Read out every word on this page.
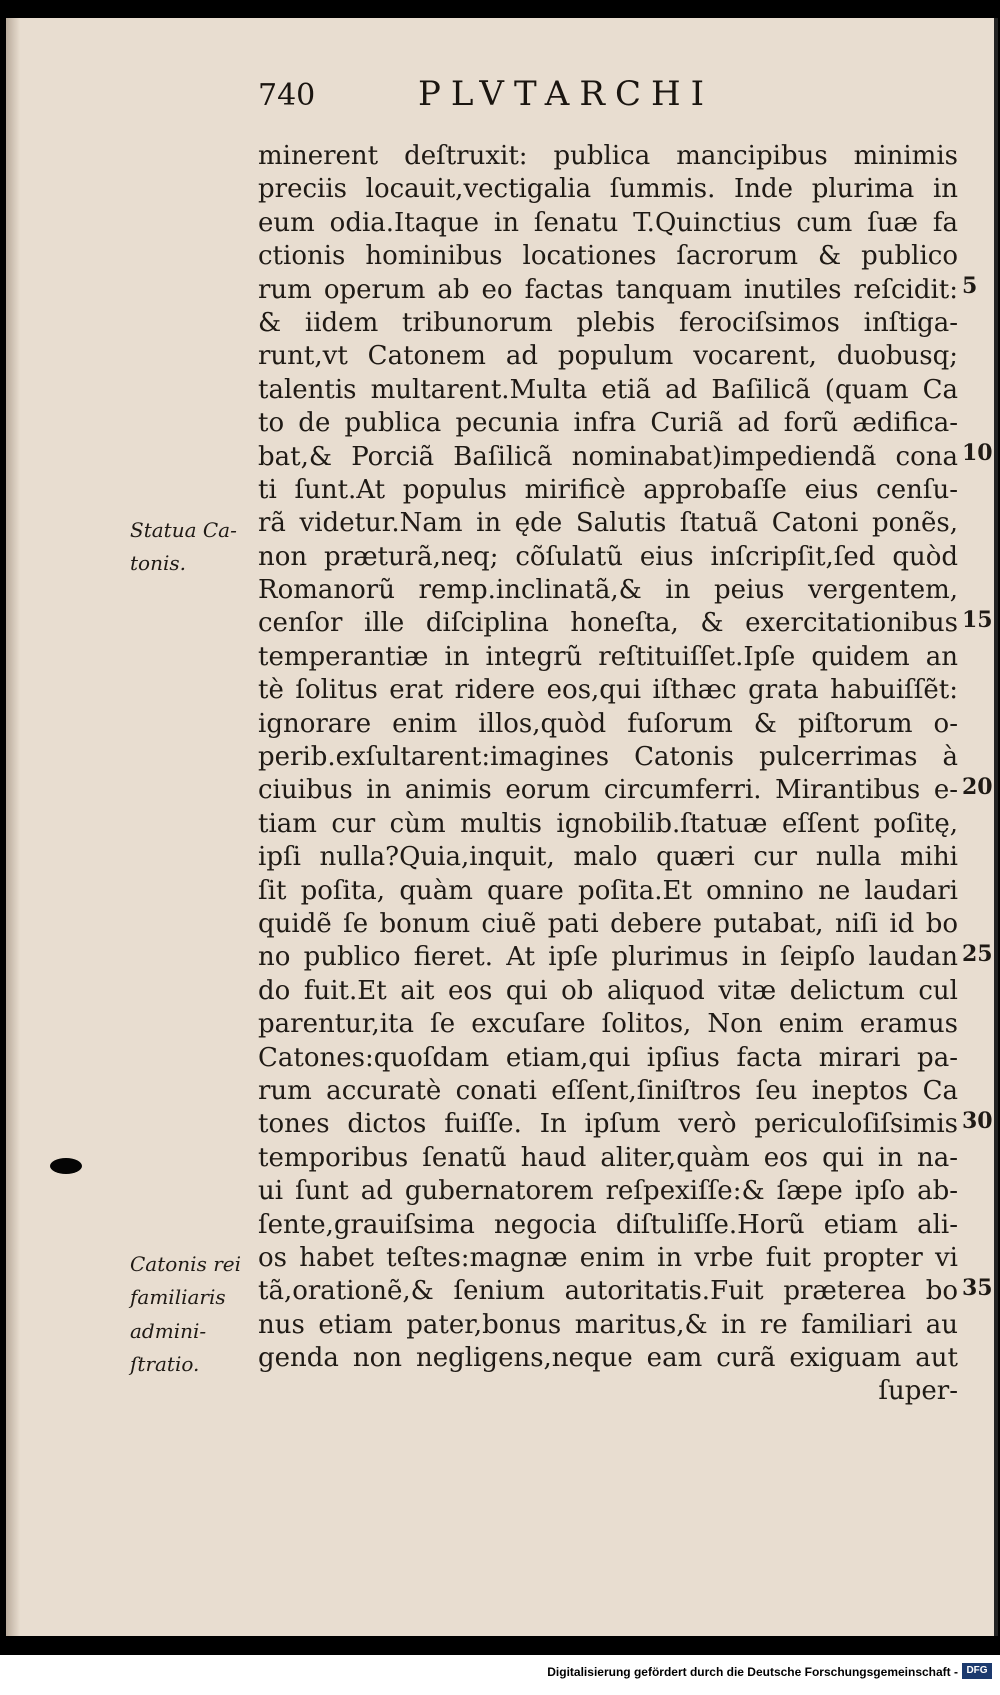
740	PLVTARCHI
minerent deſtruxit: publica mancipibus minimis
preciis locauit,vectigalia ſummis. Inde plurima in
eum odia.Itaque in ſenatu T.Quinctius cum ſuæ fa
ctionis hominibus locationes ſacrorum & publico
rum operum ab eo factas tanquam inutiles reſcidit:
& iidem tribunorum plebis ferociſsimos inſtiga-
runt,vt Catonem ad populum vocarent, duobusq;
talentis multarent.Multa etiã ad Baſilicã (quam Ca
to de publica pecunia infra Curiã ad forũ ædifica-
bat,& Porciã Baſilicã nominabat)impediendã cona
ti ſunt.At populus mirificè approbaſſe eius cenſu-
rã videtur.Nam in ęde Salutis ſtatuã Catoni ponẽs,
non præturã,neq; cõſulatũ eius inſcripſit,ſed quòd
Romanorũ remp.inclinatã,& in peius vergentem,
cenſor ille diſciplina honeſta, & exercitationibus
temperantiæ in integrũ reſtituiſſet.Ipſe quidem an
tè ſolitus erat ridere eos,qui iſthæc grata habuiſſẽt:
ignorare enim illos,quòd fuſorum & piſtorum o-
perib.exſultarent:imagines Catonis pulcerrimas à
ciuibus in animis eorum circumferri. Mirantibus e-
tiam cur cùm multis ignobilib.ſtatuæ eſſent poſitę,
ipſi nulla?Quia,inquit, malo quæri cur nulla mihi
ſit poſita, quàm quare poſita.Et omnino ne laudari
quidẽ ſe bonum ciuẽ pati debere putabat, niſi id bo
no publico fieret. At ipſe plurimus in ſeipſo laudan
do fuit.Et ait eos qui ob aliquod vitæ delictum cul
parentur,ita ſe excuſare ſolitos, Non enim eramus
Catones:quoſdam etiam,qui ipſius facta mirari pa-
rum accuratè conati eſſent,ſiniſtros ſeu ineptos Ca
tones dictos fuiſſe. In ipſum verò periculoſiſsimis
temporibus ſenatũ haud aliter,quàm eos qui in na-
ui ſunt ad gubernatorem reſpexiſſe:& ſæpe ipſo ab-
ſente,grauiſsima negocia diſtuliſſe.Horũ etiam ali-
os habet teſtes:magnæ enim in vrbe fuit propter vi
tã,orationẽ,& ſenium autoritatis.Fuit præterea bo
nus etiam pater,bonus maritus,& in re familiari au
genda non negligens,neque eam curã exiguam aut
ſuper-
5
10
15
20
25
30
35
Statua Ca-
tonis.
Catonis rei
familiaris
admini-
ſtratio.
Digitalisierung gefördert durch die Deutsche Forschungsgemeinschaft - DFG
